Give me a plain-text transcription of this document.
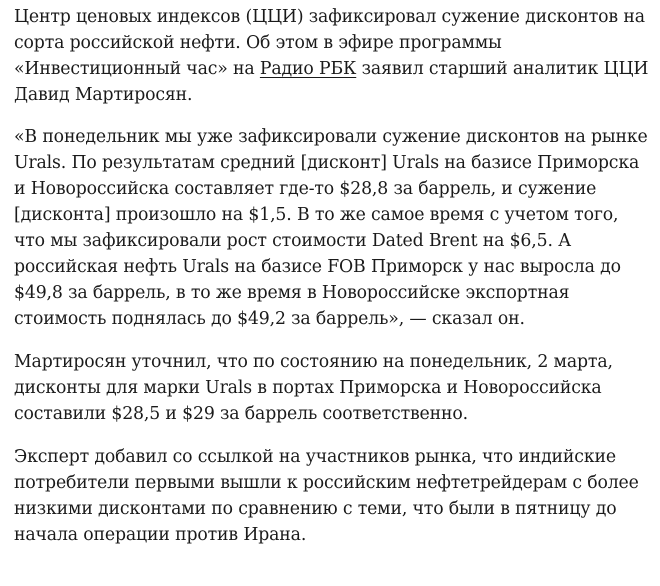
Центр ценовых индексов (ЦЦИ) зафиксировал сужение дисконтов на сорта российской нефти. Об этом в эфире программы «Инвестиционный час» на Радио РБК заявил старший аналитик ЦЦИ Давид Мартиросян.

«В понедельник мы уже зафиксировали сужение дисконтов на рынке Urals. По результатам средний [дисконт] Urals на базисе Приморска и Новороссийска составляет где-то $28,8 за баррель, и сужение [дисконта] произошло на $1,5. В то же самое время с учетом того, что мы зафиксировали рост стоимости Dated Brent на $6,5. А российская нефть Urals на базисе FOB Приморск у нас выросла до $49,8 за баррель, в то же время в Новороссийске экспортная стоимость поднялась до $49,2 за баррель», — сказал он.

Мартиросян уточнил, что по состоянию на понедельник, 2 марта, дисконты для марки Urals в портах Приморска и Новороссийска составили $28,5 и $29 за баррель соответственно.

Эксперт добавил со ссылкой на участников рынка, что индийские потребители первыми вышли к российским нефтетрейдерам с более низкими дисконтами по сравнению с теми, что были в пятницу до начала операции против Ирана.
